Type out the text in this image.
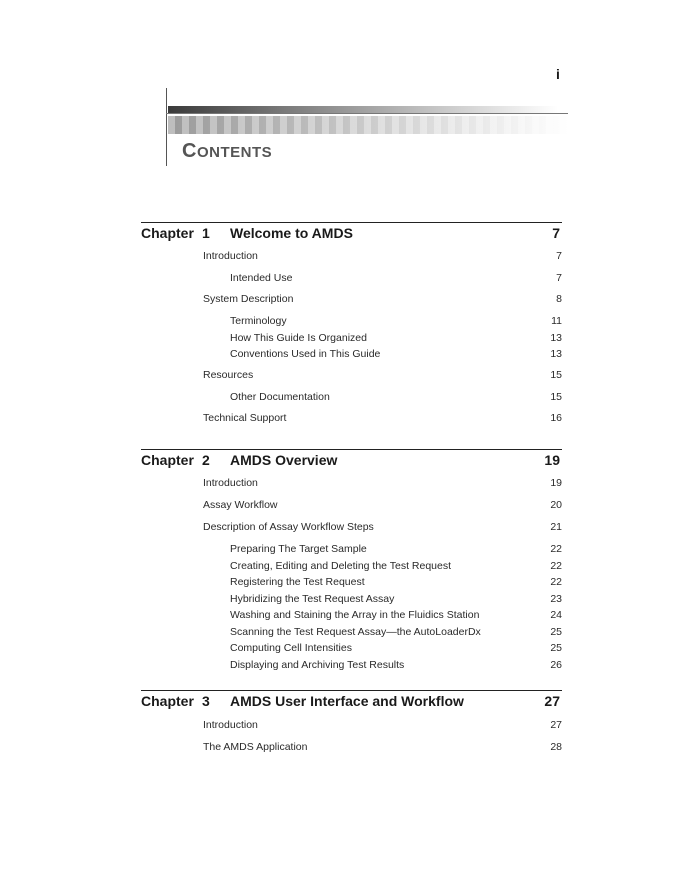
i
CONTENTS
Chapter 1 Welcome to AMDS	7
Introduction	7
Intended Use	7
System Description	8
Terminology	11
How This Guide Is Organized	13
Conventions Used in This Guide	13
Resources	15
Other Documentation	15
Technical Support	16
Chapter 2 AMDS Overview	19
Introduction	19
Assay Workflow	20
Description of Assay Workflow Steps	21
Preparing The Target Sample	22
Creating, Editing and Deleting the Test Request	22
Registering the Test Request	22
Hybridizing the Test Request Assay	23
Washing and Staining the Array in the Fluidics Station	24
Scanning the Test Request Assay—the AutoLoaderDx	25
Computing Cell Intensities	25
Displaying and Archiving Test Results	26
Chapter 3 AMDS User Interface and Workflow	27
Introduction	27
The AMDS Application	28
